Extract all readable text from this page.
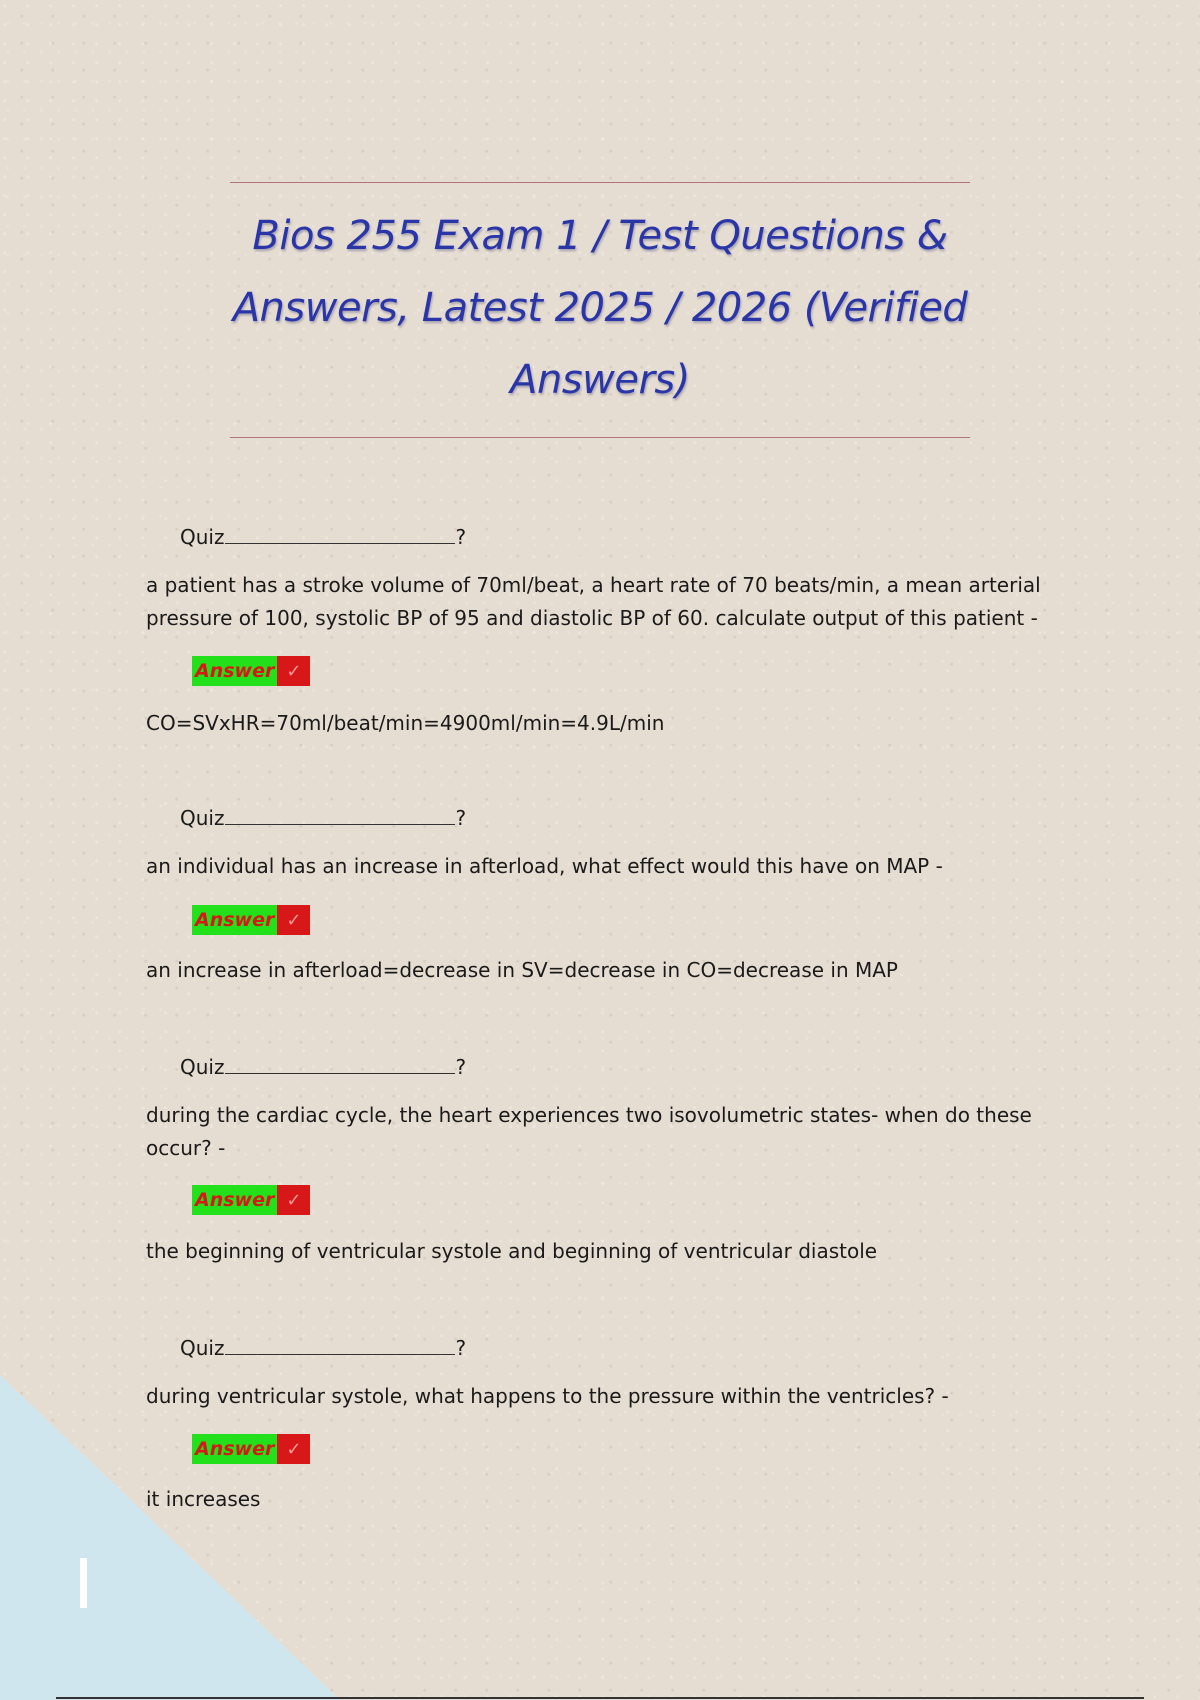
Bios 255 Exam 1 / Test Questions &
Answers, Latest 2025 / 2026 (Verified
Answers)
Quiz	?
a patient has a stroke volume of 70ml/beat, a heart rate of 70 beats/min, a mean arterial pressure of 100, systolic BP of 95 and diastolic BP of 60. calculate output of this patient -
Answer ✓
CO=SVxHR=70ml/beat/min=4900ml/min=4.9L/min
Quiz	?
an individual has an increase in afterload, what effect would this have on MAP -
Answer ✓
an increase in afterload=decrease in SV=decrease in CO=decrease in MAP
Quiz	?
during the cardiac cycle, the heart experiences two isovolumetric states- when do these occur? -
Answer ✓
the beginning of ventricular systole and beginning of ventricular diastole
Quiz	?
during ventricular systole, what happens to the pressure within the ventricles? -
Answer ✓
it increases
